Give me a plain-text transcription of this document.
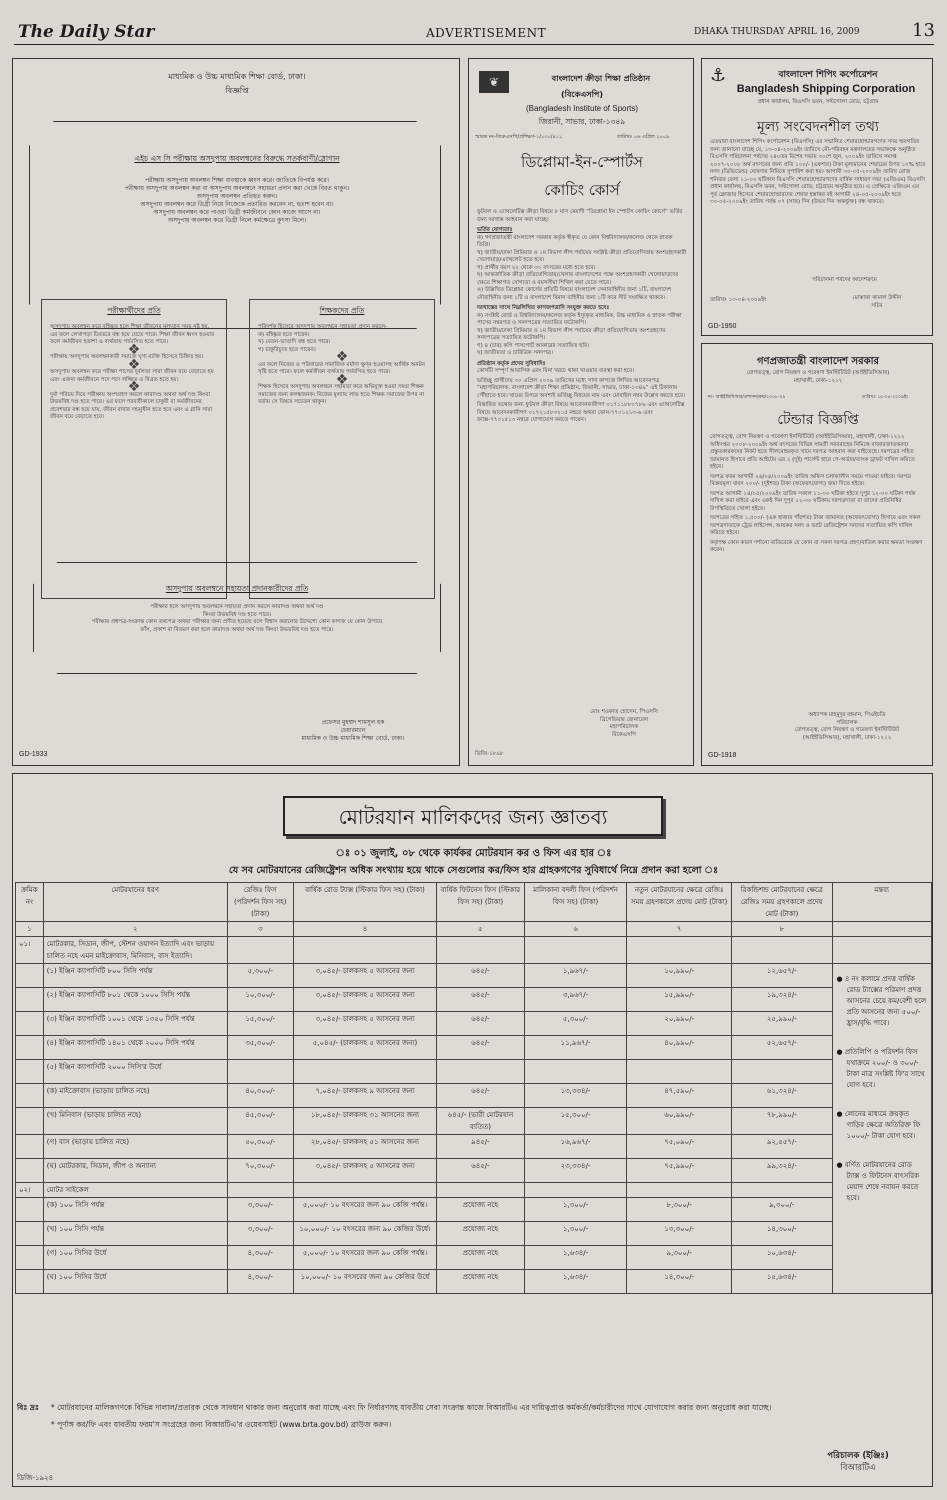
The Daily Star	ADVERTISEMENT	DHAKA THURSDAY APRIL 16, 2009	13
মাধ্যমিক ও উচ্চ মাধ্যমিক শিক্ষা বোর্ড, ঢাকা।
বিজ্ঞপ্তি
এইচ এস সি পরীক্ষায় অসদুপায় অবলম্বনের বিরুদ্ধে সতর্কবাণী/স্লোগান
পরীক্ষায় অসদুপায় অবলম্বন শিক্ষা ব্যবস্থাকে ধ্বংস করে। জাতিকে বিপর্যস্ত করে।
পরীক্ষায় অসদুপায় অবলম্বন করা বা অসদুপায় অবলম্বনে সহায়তা প্রদান করা থেকে বিরত থাকুন।
অসদুপায় অবলম্বন প্রতিহত করুন।
অসদুপায় অবলম্বন করে ডিগ্রী নিয়ে নিজেকে প্রতারিত করবেন না, হতাশ হবেন না।
অসদুপায় অবলম্বন করে পাওয়া ডিগ্রী কর্মজীবনে কোন কাজে আসে না।
অসদুপায় অবলম্বন করে ডিগ্রী নিলে কর্মক্ষেত্রে কুৎসা মিলে।
পরীক্ষার্থীদের প্রতি
অসদুপায় অবলম্বন করে বহিষ্কৃত হলে শিক্ষা জীবনের মূল্যবান সময় নষ্ট হয়, এর ফলে লেখাপড়া চিরতরে বন্ধ হয়ে যেতে পারে। শিক্ষা জীবন ধ্বংস হওয়ার ফলে কর্মজীবন হতাশা ও ব্যর্থতায় পর্যবসিত হতে পারে।
❖
পরীক্ষায় অসদুপায় অবলম্বনকারী সমাজে ঘৃণ্য ব্যক্তি হিসেবে চিহ্নিত হয়।
❖
অসদুপায় অবলম্বন করে পরীক্ষা পাসের দুর্বলতা সারা জীবন বয়ে বেড়াতে হয় এবং এজন্য কর্মজীবনে পদে পদে লজ্জিত ও বিব্রত হতে হয়।
❖
দুর্বা পরিচয় দিয়ে পরীক্ষায় অংশগ্রহণ করলে কারাদণ্ড অথবা অর্থ দণ্ড কিংবা উভয়বিধ দণ্ড হতে পারে। এর ফলে পরবর্তীকালে চাকুরী বা কর্মজীবনের প্রবেশদ্বার বন্ধ হয়ে যায়, জীবন বাবার দন্ডমুখীন হতে হবে এবং এ গ্লানি সারা জীবন বয়ে বেড়াতে হবে।
শিক্ষকদের প্রতি
পরিদর্শক হিসেবে অসদুপায় অবলম্বনে সহায়তা প্রদান করলে-
ক) বহিষ্কৃত হতে পারেন।
খ) বেতন-ভাতাদি বন্ধ হতে পারে।
গ) চাকুরিচ্যুত হতে পারেন।	❖
এর ফলে নিজের ও পরিবারের সামাজিক মর্যাদা ক্ষুণ্ন হওয়াসহ আর্থিক অনটন সৃষ্টি হতে পারে। ফলে কর্মজীবন ব্যর্থতায় পর্যবসিত হতে পারে।
❖
শিক্ষক হিসেবে অসদুপায় অবলম্বনে সহায়তা করে অভিযুক্ত হওয়া সমগ্র শিক্ষক সমাজের জন্য কলঙ্কজনক। নিজের মূল্যায় লাভ হতে শিক্ষক সমাজের উপর না বর্তায় সে বিষয়ে সচেতন থাকুন।
অসদুপায় অবলম্বনে সহায়তা প্রদানকারীদের প্রতি
পরীক্ষার হলে অসদুপায় অবলম্বনে সহায়তা প্রদান করলে কারাদণ্ড অথবা অর্থ দণ্ড
কিংবা উভয়বিধ দণ্ড হতে পারে।
পরীক্ষার প্রশ্নপত্র-সংক্রান্ত কোন তথ্যপত্র অথবা পরীক্ষার জন্য প্রণীত হয়েছে বলে বিশ্বাস করানোর উদ্দেশ্যে কোন কাগজ যে কোন উপায়ে
ফাঁস, প্রকাশ বা বিতরণ করা হলে কারাদণ্ড অথবা অর্থ দণ্ড কিংবা উভয়বিধ দণ্ড হতে পারে।
প্রফেসর মুহম্মদ শামসুল হক
চেয়ারম্যান
মাধ্যমিক ও উচ্চ মাধ্যমিক শিক্ষা বোর্ড, ঢাকা।
GD-1933
❦	বাংলাদেশ ক্রীড়া শিক্ষা প্রতিষ্ঠান
(বিকেএসপি)
(Bangladesh Institute of Sports)
জিরানী, সাভার, ঢাকা-১৩৪৯
স্মারক নং-বিকেএসপি/প্রশিক্ষণ-১/১৩০/৪১১	তারিখঃ ০৬ এপ্রিল ২০০৯
ডিপ্লোমা-ইন-স্পোর্টস
কোচিং কোর্স
ফুটবল ও এ্যাথলেটিক্স ক্রীড়া বিষয়ে ৮ মাস মেয়াদী “ডিপ্লোমা ইন স্পোর্টস কোচিং কোর্সে” ভর্তির জন্য দরখাস্ত আহবান করা যাচ্ছে।
ভর্তির যোগ্যতাঃ
ক) গণপ্রজাতন্ত্রী বাংলাদেশ সরকার কর্তৃক স্বীকৃত যে কোন বিশ্ববিদ্যালয়/কলেজ থেকে স্নাতক ডিগ্রি।
খ) জাতীয়/ঢাকা প্রিমিয়ার ও ১ম বিভাগ লীগ পর্যায়ের সংশ্লিষ্ট ক্রীড়া প্রতিযোগিতায় অংশগ্রহণকারী খেলোয়াড়/এ্যাথলেট হতে হবে।
গ) প্রার্থীর বয়স ২২ থেকে ৩০ বৎসরের মধ্যে হতে হবে।
ঘ) আন্তর্জাতিক ক্রীড়া প্রতিযোগিতায়/খেলায় বাংলাদেশের পক্ষে অংশগ্রহণকারী খেলোয়াড়দের ক্ষেত্রে শিক্ষাগত যোগ্যতা ও বয়সসীমা শিথিল করা যেতে পারে।
ঙ) উল্লিখিত ডিপ্লোমা কোর্সের প্রতিটি বিষয়ে বাংলাদেশ সেনাবাহিনীর জন্য ১টি, বাংলাদেশ নৌবাহিনীর জন্য ১টি ও বাংলাদেশ বিমান বাহিনীর জন্য ১টি করে সীট সংরক্ষিত থাকবে।
দরখাস্তের সাথে নিম্নলিখিত কাগজপত্রাদি সংযুক্ত করতে হবেঃ
ক) সংশ্লিষ্ট বোর্ড ও বিশ্ববিদ্যালয়/কলেজ কর্তৃক ইস্যুকৃত মাধ্যমিক, উচ্চ মাধ্যমিক ও স্নাতক পরীক্ষা পাসের নম্বরপত্র ও সনদপত্রের সত্যায়িত ফটোকপি।
খ) জাতীয়/ঢাকা প্রিমিয়ার ও ১ম বিভাগ লীগ পর্যায়ের ক্রীড়া প্রতিযোগিতায় অংশগ্রহণের সনদপত্রের সত্যায়িত ফটোকপি।
গ) ৪ (চার) কপি পাসপোর্ট আকারের সত্যায়িত ছবি।
ঘ) জাতীয়তা ও চারিত্রিক সনদপত্র।
প্রতিষ্ঠান কর্তৃক প্রদেয় সুবিধাদিঃ
কোর্সটি সম্পূর্ণ আবাসিক এবং বিনা খরচে থাকা খাওয়ার ব্যবস্থা করা হবে।
ভর্তিচ্ছু প্রার্থীদের ৩০ এপ্রিল ২০০৯ তারিখের মধ্যে সাদা কাগজে লিখিত আবেদনপত্র “মহাপরিচালক, বাংলাদেশ ক্রীড়া শিক্ষা প্রতিষ্ঠান, জিরানী, সাভার, ঢাকা-১৩৪৯” এই ঠিকানায় পৌঁছাতে হবে। খামের উপরে অবশ্যই ভর্তিচ্ছু বিষয়ের নাম এবং মোবাইল নম্বর উল্লেখ করতে হবে।
বিস্তারিত তথ্যের জন্য ফুটবল ক্রীড়া বিষয়ে আবেদনকারীগণ ০১৭১১৮৮০৭৮৬ এবং এ্যাথলেটিক্স বিষয়ে আবেদনকারীগণ ০১৭২১৫৮৩২১৫ নম্বরে অথবা ফোন-৭৭০১২১৩-৬ এবং ফ্যাক্স-৭৭০১৫১৩ নম্বরে যোগাযোগ করতে পারেন।
মোঃ শওকাত হোসেন, পিএসসি
ব্রিগেডিয়ার জেনারেল
মহাপরিচালক
বিকেএসপি
ডিজি-১৮৯৮
⚓	বাংলাদেশ শিপিং কর্পোরেশন
Bangladesh Shipping Corporation
প্রধান কার্যালয়, বিএসসি ভবন, সল্টগোলা রোড, চট্টগ্রাম
মূল্য সংবেদনশীল তথ্য
এতদ্বারা বাংলাদেশ শিপিং কর্পোরেশন (বিএসসি) এর সম্মানিত শেয়ারহোল্ডারগণের সদয় অবগতির জন্য জানানো যাচ্ছে যে, ১৩-০৪-২০০৯ইং তারিখে নৌ-পরিবহন মন্ত্রণালয়ের সভাকক্ষে অনুষ্ঠিত বিএসসি পরিচালনা পর্ষদের ২৪০তম বিশেষ সভায় ৩০শে জুন, ২০০৯ইং তারিখে সমাপ্ত ২০০৭-২০০৮ অর্থ বৎসরের জন্য প্রতি ১০০/- (একশত) টাকা মূল্যমানের শেয়ারের উপর ১০% হারে নগদ (ডিভিডেন্ড) ঘোষণার নিমিত্তে সুপারিশ করা হয়। আগামী ৩০-০৫-২০০৯ইং তারিখ রোজ শনিবার বেলা ১১-০০ ঘটিকায় বিএসসি শেয়ারহোল্ডারগণের বার্ষিক সাধারণ সভা (এজিএম) বিএসসি প্রধান কার্যালয়, বিএসসি ভবন, সল্টগোলা রোড, চট্টগ্রামে অনুষ্ঠিত হবে। এ প্রেক্ষিতে এজিএম এর পূর্ব ক্লোজার হিসেবে শেয়ারহোল্ডারদের শেয়ার হস্তান্তর বই আগামী ২৪-০৫-২০০৯ইং হতে ৩০-০৫-২০০৯ইং তারিখ পর্যন্ত ০৭ (সাত) দিন (উভয় দিন অন্তর্ভুক্ত) বন্ধ থাকবে।
পরিচালনা পর্ষদের আদেশক্রমে
তারিখঃ ১৩-০৪-২০০৯ইং	মোস্তাফা কামাল উদ্দীন
সচিব
GD-1950
গণপ্রজাতন্ত্রী বাংলাদেশ সরকার
রোগতত্ত্ব, রোগ নিয়ন্ত্রণ ও গবেষণা ইনস্টিটিউট (আইইডিসিআর)
মহাখালী, ঢাকা-১২১২
নং- আইইডিসিআর/প্রশাসন/ক্রয়/২০০৮-০৯	তারিখঃ ১৫-০৪-২০০৯ইং
টেন্ডার বিজ্ঞপ্তি
রোগতত্ত্ব, রোগ নিয়ন্ত্রণ ও গবেষণা ইনস্টিটিউট (আইইডিসিআর), মহাখালী, ঢাকা-১২১২ অধিদপ্তর ২০০৮-২০০৯ইং অর্থ বৎসরের বিভিন্ন সামগ্রী সরবরাহের নিমিত্তে বাজারজাতকরণ/প্রস্তুতকারকদের নিকট হতে সীলমোহরকৃত খামে দরপত্র আহবান করা যাইতেছে। দরপত্রের সহিত জামানত হিসাবে প্রতি আইটেম এর ২ (দুই) পার্সেন্ট হারে পে-অর্ডার/ব্যাংক ড্রাফট দাখিল করিতে হইবে।
দরপত্র ফরম আগামী ২৬/০৪/২০০৯ইং তারিখ অফিস চলাকালীন সময়ে পাওয়া যাইবে। দরপত্র বিক্রয়মূল্য বাবদ ২০০/- (দুইশত) টাকা (অফেরৎযোগ্য) জমা দিতে হইবে।
দরপত্র আগামী ১৪/০৫/২০০৯ইং তারিখ সকাল ১১-০০ ঘটিকা হইতে দুপুর ১২-০০ ঘটিকা পর্যন্ত দাখিল করা যাইবে এবং একই দিন দুপুর ১২-৩০ ঘটিকায় দরপত্রদাতা বা তাদের প্রতিনিধির উপস্থিতিতে খোলা হইবে।
দরপত্রের সহিত ১,৫০০/- (এক হাজার পাঁচশত) টাকা জামানত (অফেরৎযোগ্য) হিসাবে এবং সকল দরপত্রদাতাকে ট্রেড লাইসেন্স, আয়কর সনদ ও ভ্যাট রেজিষ্ট্রেশন সনদের সত্যায়িত কপি দাখিল করিতে হইবে।
কর্তৃপক্ষ কোন কারণ দর্শানো ব্যতিরেকে যে কোন বা সকল দরপত্র গ্রহণ/বাতিল করার ক্ষমতা সংরক্ষণ করেন।
অধ্যাপক মাহমুদুর রহমান, পিএইচডি
পরিচালক
রোগতত্ত্ব, রোগ নিয়ন্ত্রণ ও গবেষণা ইনস্টিটিউট
(আইইডিসিআর), মহাখালী, ঢাকা-১২১২
GD-1918
মোটরযান মালিকদের জন্য জ্ঞাতব্য
ঃ ০১ জুলাই, ০৮ থেকে কার্যকর মোটরযান কর ও ফিস এর হার ঃ
যে সব মোটরযানের রেজিষ্ট্রেশন অধিক সংখ্যায় হয়ে থাকে সেগুলোর কর/ফিস হার গ্রাহকগণের সুবিধার্থে নিম্নে প্রদান করা হলো ঃ
ক্রমিক নং	মোটরযানের ধরণ	রেজিঃ ফিস (পরিদর্শন ফিস সহ) (টাকা)	বার্ষিক রোড ট্যাক্স (স্টিকার ফিস সহ) (টাকা)	বার্ষিক ফিটনেস ফিস (স্টিকার ফিস সহ) (টাকা)	মালিকানা বদলী ফিস (পরিদর্শন ফিস সহ) (টাকা)	নতুন মোটরযানের ক্ষেত্রে রেজিঃ সময় গ্রহণকালে প্রদেয় মোট (টাকা)	রিকন্ডিশন্ড মোটরযানের ক্ষেত্রে রেজিঃ সময় গ্রহণকালে প্রদেয় মোট (টাকা)	মন্তব্য
১	২	৩	৪	৫	৬	৭	৮	
০১।	মোটরকার, সিডান, জীপ, স্টেশন ওয়াগন ইত্যাদি এবং ভাড়ায় চালিত নহে এমন মাইক্রোবাস, মিনিবাস, বাস ইত্যাদি।							
	(১) ইঞ্জিন ক্যাপাসিটি ৮০০ সিসি পর্যন্ত	৫,৩০০/-	৩,০৪৫/- চালকসহ ৫ আসনের জন্য	৬৪৫/-	১,৯৬৭/-	১০,৯৯০/-	১২,৬৫৭/-	● ৪ নং কলামে প্রদত্ত বার্ষিক রোড ট্যাক্সের পরিমাণ প্রদত্ত আসনের চেয়ে কম/বেশী হলে প্রতি আসনের জন্য ৫০০/- হ্রাস/বৃদ্ধি পাবে।
● প্রতিলিপি ও পরিদর্শন ফিস যথাক্রমে ২০০/- ও ৩০০/- টাকা মাত্র সংশ্লিষ্ট ফি'র সাথে যোগ হবে।
● লোনের মাধ্যমে ক্রয়কৃত গাড়ির ক্ষেত্রে অতিরিক্ত ফি ১০০০/- টাকা যোগ হবে।
● বর্ণিত মোটরযানের রোড ট্যাক্স ও ফিটনেস বাৎসরিক মেয়াদ শেষে নবায়ন করতে হবে।

	(২) ইঞ্জিন ক্যাপাসিটি ৮০১ থেকে ১০০০ সিসি পর্যন্ত	১০,৩০০/-	৩,০৪৫/- চালকসহ ৫ আসনের জন্য	৬৪৫/-	৩,৯৬৭/-	১৫,৯৯০/-	১৯,৩২৪/-	
	(৩) ইঞ্জিন ক্যাপাসিটি ১০০১ থেকে ১৩৫০ সিসি পর্যন্ত	১৫,৩০০/-	৩,০৪৫/- চালকসহ ৫ আসনের জন্য	৬৪৫/-	৫,৩০০/-	২০,৯৯০/-	২৫,৯৯০/-	
	(৪) ইঞ্জিন ক্যাপাসিটি ১৪০১ থেকে ২০০০ সিসি পর্যন্ত	৩৫,৩০০/-	৫,০৪৫/- (চালকসহ ৫ আসনের জন্য)	৬৪৫/-	১১,৯৬৭/-	৪০,৯৯০/-	৫২,৬৫৭/-	
	(৫) ইঞ্জিন ক্যাপাসিটি ২০০০ সিসি'র উর্ধে							
	(ক) মাইক্রোবাস (ভাড়ায় চালিত নহে)	৪০,৩০০/-	৭,০৪৫/- চালকসহ ৯ আসনের জন্য	৬৪৫/-	১৩,৩৩৪/-	৪৭,৫৯০/-	৬১,৩২৪/-	
	(খ) মিনিবাস (ভাড়ায় চালিত নহে)	৪৫,৩০০/-	১৮,০৪৫/- চালকসহ ৩১ আসনের জন্য	৬৪৫/- (ভারী মোটরযান ব্যতিত)	১৫,৩০০/-	৬০,৯৯০/-	৭৮,৯৯০/-	
	(গ) বাস (ভাড়ায় চালিত নহে)	৫০,৩০০/-	২৮,০৪৫/- চালকসহ ৫১ আসনের জন্য	৯৪৫/-	১৬,৯৬৭/-	৭৫,০৯০/-	৯২,৫৫৭/-	
	(ঘ) মোটরকার, সিডান, জীপ ও অন্যান্য	৭০,৩০০/-	৩,০৪৫/- চালকসহ ৫ আসনের জন্য	৬৪৫/-	২৩,৩৩৪/-	৭৫,৯৯০/-	৯৯,৩২৪/-	
০২।	মোটর সাইকেল							
	(ক) ১০০ সিসি পর্যন্ত	৩,৩০০/-	৫,০০০/- ১০ বৎসরের জন্য ৯০ কেজি পর্যন্ত।	প্রযোজ্য নহে	১,৩০০/-	৮,৩০০/-	৯,৩০০/-	
	(খ) ১০০ সিসি পর্যন্ত	৩,৩০০/-	১০,০০০/- ১০ বৎসরের জন্য ৯০ কেজির উর্ধে।	প্রযোজ্য নহে	১,৩০০/-	১৩,৩০০/-	১৪,৩০০/-	
	(গ) ১০০ সিসির উর্ধে	৪,৩০০/-	৫,০০০/- ১০ বৎসরের জন্য ৯০ কেজি পর্যন্ত।	প্রযোজ্য নহে	১,৬৩৪/-	৯,৩০০/-	১০,৬৩৪/-	
	(ঘ) ১০০ সিসির উর্ধে	৪,৩০০/-	১০,০০০/- ১০ বৎসরের জন্য ৯০ কেজির উর্ধে	প্রযোজ্য নহে	১,৬৩৪/-	১৪,৩০০/-	১৫,৬৩৪/-	
বিঃ দ্রঃ * মোটরযানের মালিকগণকে বিভিন্ন দালাল/প্রতারক থেকে সাবধান থাকার জন্য অনুরোধ করা যাচ্ছে এবং ফি নির্ধারণসহ যাবতীয় সেবা সংক্রান্ত কাজে বিআরটিএ এর দায়িত্বপ্রাপ্ত কর্মকর্তা/কর্মচারীদের সাথে যোগাযোগ করার জন্য অনুরোধ করা যাচ্ছে।
* পূর্ণাঙ্গ কর/ফি এবং যাবতীয় ফরম'স সংগ্রহের জন্য বিআরটিএ'র ওয়েবসাইট (www.brta.gov.bd) ব্রাউজ করুন।
পরিচালক (ইঞ্জিঃ)
বিআরটিএ
ডিজি-১৯২৪
